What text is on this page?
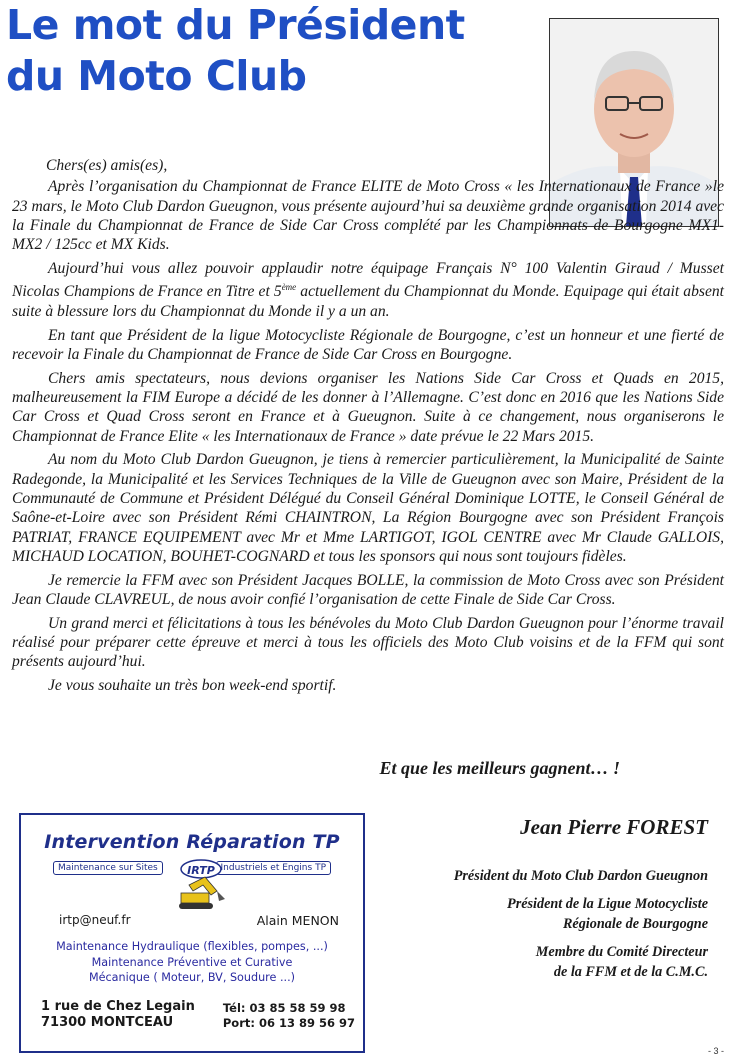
Le mot du Président
du Moto Club

Chers(es) amis(es),

Après l’organisation du Championnat de France ELITE de Moto Cross « les Internationaux de France »le 23 mars, le Moto Club Dardon Gueugnon, vous présente aujourd’hui sa deuxième grande organisation 2014 avec la Finale du Championnat de France de Side Car Cross complété par les Championnats de Bourgogne MX1- MX2 / 125cc et MX Kids.

Aujourd’hui vous allez pouvoir applaudir notre équipage Français N° 100 Valentin Giraud / Musset Nicolas Champions de France en Titre et 5ème actuellement du Championnat du Monde. Equipage qui était absent suite à blessure lors du Championnat du Monde il y a un an.

En tant que Président de la ligue Motocycliste Régionale de Bourgogne, c’est un honneur et une fierté de recevoir la Finale du Championnat de France de Side Car Cross en Bourgogne.

Chers amis spectateurs, nous devions organiser les Nations Side Car Cross et Quads en 2015, malheureusement la FIM Europe a décidé de les donner à l’Allemagne. C’est donc en 2016 que les Nations Side Car Cross et Quad Cross seront en France et à Gueugnon. Suite à ce changement, nous organiserons le Championnat de France Elite « les Internationaux de France » date prévue le 22 Mars 2015.

Au nom du Moto Club Dardon Gueugnon, je tiens à remercier particulièrement, la Municipalité de Sainte Radegonde, la Municipalité et les Services Techniques de la Ville de Gueugnon avec son Maire, Président de la Communauté de Commune et Président Délégué du Conseil Général Dominique LOTTE, le Conseil Général de Saône-et-Loire avec son Président Rémi CHAINTRON, La Région Bourgogne avec son Président François PATRIAT, FRANCE EQUIPEMENT avec Mr et Mme LARTIGOT, IGOL CENTRE avec Mr Claude GALLOIS, MICHAUD LOCATION, BOUHET-COGNARD et tous les sponsors qui nous sont toujours fidèles.

Je remercie la FFM avec son Président Jacques BOLLE, la commission de Moto Cross avec son Président Jean Claude CLAVREUL, de nous avoir confié l’organisation de cette Finale de Side Car Cross.

Un grand merci et félicitations à tous les bénévoles du Moto Club Dardon Gueugnon pour l’énorme travail réalisé pour préparer cette épreuve et merci à tous les officiels des Moto Club voisins et de la FFM qui sont présents aujourd’hui.

Je vous souhaite un très bon week-end sportif.

Et que les meilleurs gagnent… !
Jean Pierre FOREST
Président du Moto Club Dardon Gueugnon
Président de la Ligue Motocycliste
Régionale de Bourgogne
Membre du Comité Directeur
de la FFM et de la C.M.C.
Intervention Réparation TP
Maintenance sur Sites	Industriels et Engins TP
IRTP
irtp@neuf.fr	Alain MENON
Maintenance Hydraulique (flexibles, pompes, ...)
Maintenance Préventive et Curative
Mécanique ( Moteur, BV, Soudure ...)
1 rue de Chez Legain
71300 MONTCEAU
Tél: 03 85 58 59 98
Port: 06 13 89 56 97
- 3 -
